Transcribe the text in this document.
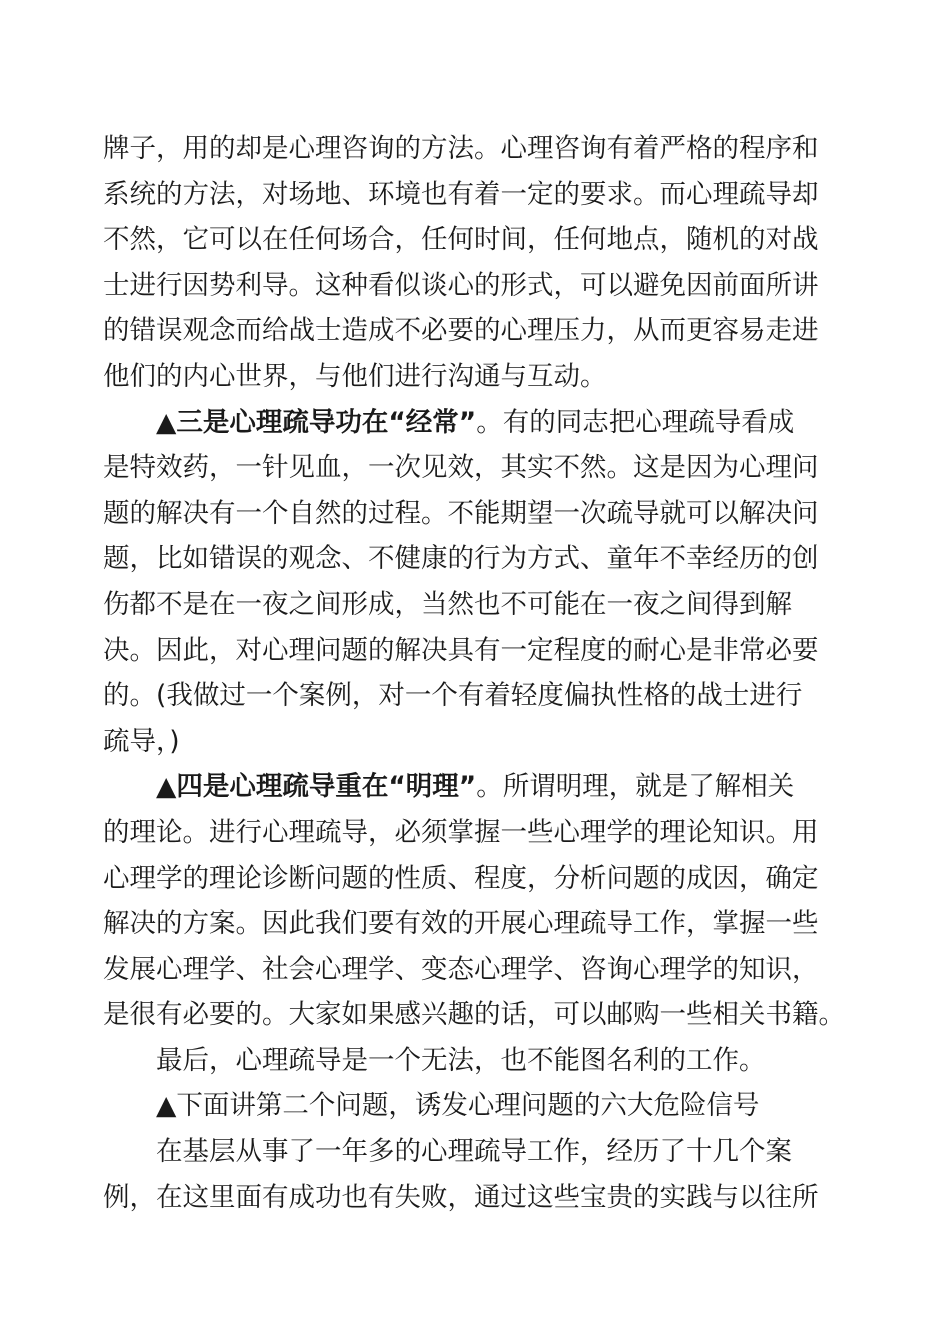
牌子，用的却是心理咨询的方法。心理咨询有着严格的程序和
系统的方法，对场地、环境也有着一定的要求。而心理疏导却
不然，它可以在任何场合，任何时间，任何地点，随机的对战
士进行因势利导。这种看似谈心的形式，可以避免因前面所讲
的错误观念而给战士造成不必要的心理压力，从而更容易走进
他们的内心世界，与他们进行沟通与互动。
▲三是心理疏导功在“经常”。有的同志把心理疏导看成
是特效药，一针见血，一次见效，其实不然。这是因为心理问
题的解决有一个自然的过程。不能期望一次疏导就可以解决问
题，比如错误的观念、不健康的行为方式、童年不幸经历的创
伤都不是在一夜之间形成，当然也不可能在一夜之间得到解
决。因此，对心理问题的解决具有一定程度的耐心是非常必要
的。(我做过一个案例，对一个有着轻度偏执性格的战士进行
疏导，)
▲四是心理疏导重在“明理”。所谓明理，就是了解相关
的理论。进行心理疏导，必须掌握一些心理学的理论知识。用
心理学的理论诊断问题的性质、程度，分析问题的成因，确定
解决的方案。因此我们要有效的开展心理疏导工作，掌握一些
发展心理学、社会心理学、变态心理学、咨询心理学的知识，
是很有必要的。大家如果感兴趣的话，可以邮购一些相关书籍。
最后，心理疏导是一个无法，也不能图名利的工作。
▲下面讲第二个问题，诱发心理问题的六大危险信号
在基层从事了一年多的心理疏导工作，经历了十几个案
例，在这里面有成功也有失败，通过这些宝贵的实践与以往所
